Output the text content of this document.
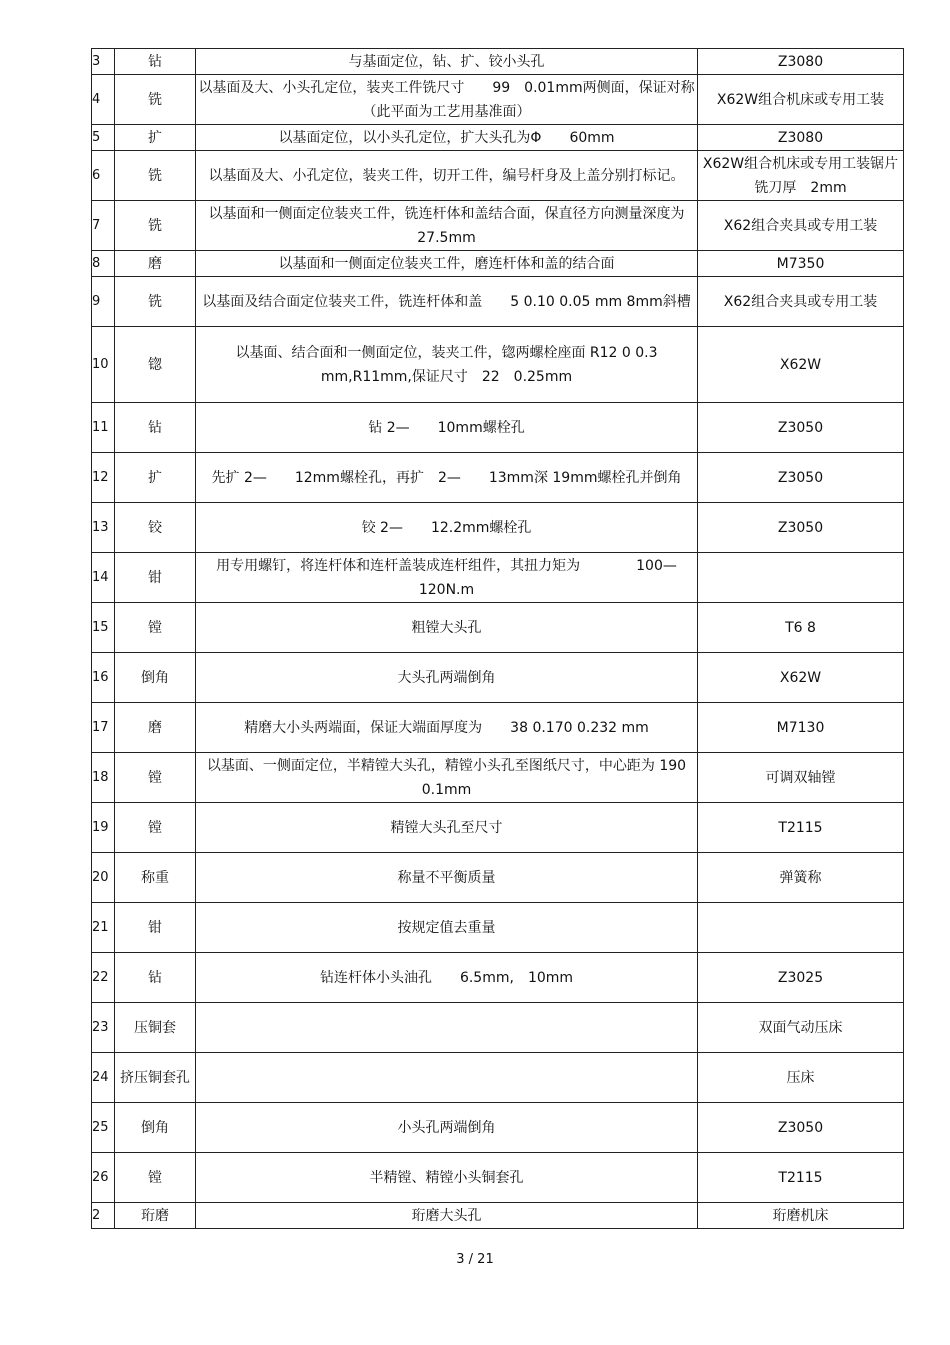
3	钻	与基面定位，钻、扩、铰小头孔	Z3080
4	铣	以基面及大、小头孔定位，装夹工件铣尺寸　　99　0.01mm两侧面，保证对称（此平面为工艺用基准面）	X62W组合机床或专用工装
5	扩	以基面定位，以小头孔定位，扩大头孔为Φ　　60mm	Z3080
6	铣	以基面及大、小孔定位，装夹工件，切开工件，编号杆身及上盖分别打标记。	X62W组合机床或专用工装锯片铣刀厚　2mm
7	铣	以基面和一侧面定位装夹工件，铣连杆体和盖结合面，保直径方向测量深度为　27.5mm	X62组合夹具或专用工装
8	磨	以基面和一侧面定位装夹工件，磨连杆体和盖的结合面	M7350
9	铣	以基面及结合面定位装夹工件，铣连杆体和盖　　5 0.10 0.05 mm 8mm斜槽	X62组合夹具或专用工装
10	锪	以基面、结合面和一侧面定位，装夹工件，锪两螺栓座面 R12 0 0.3 mm,R11mm,保证尺寸　22　0.25mm	X62W
11	钻	钻 2—　　10mm螺栓孔	Z3050
12	扩	先扩 2—　　12mm螺栓孔，再扩　2—　　13mm深 19mm螺栓孔并倒角	Z3050
13	铰	铰 2—　　12.2mm螺栓孔	Z3050
14	钳	用专用螺钉，将连杆体和连杆盖装成连杆组件，其扭力矩为　　　　100—120N.m	
15	镗	粗镗大头孔	T6 8
16	倒角	大头孔两端倒角	X62W
17	磨	精磨大小头两端面，保证大端面厚度为　　38 0.170 0.232 mm	M7130
18	镗	以基面、一侧面定位，半精镗大头孔，精镗小头孔至图纸尺寸，中心距为 190　0.1mm	可调双轴镗
19	镗	精镗大头孔至尺寸	T2115
20	称重	称量不平衡质量	弹簧称
21	钳	按规定值去重量	
22	钻	钻连杆体小头油孔　　6.5mm,　10mm	Z3025
23	压铜套		双面气动压床
24	挤压铜套孔		压床
25	倒角	小头孔两端倒角	Z3050
26	镗	半精镗、精镗小头铜套孔	T2115
2	珩磨	珩磨大头孔	珩磨机床
3 / 21
